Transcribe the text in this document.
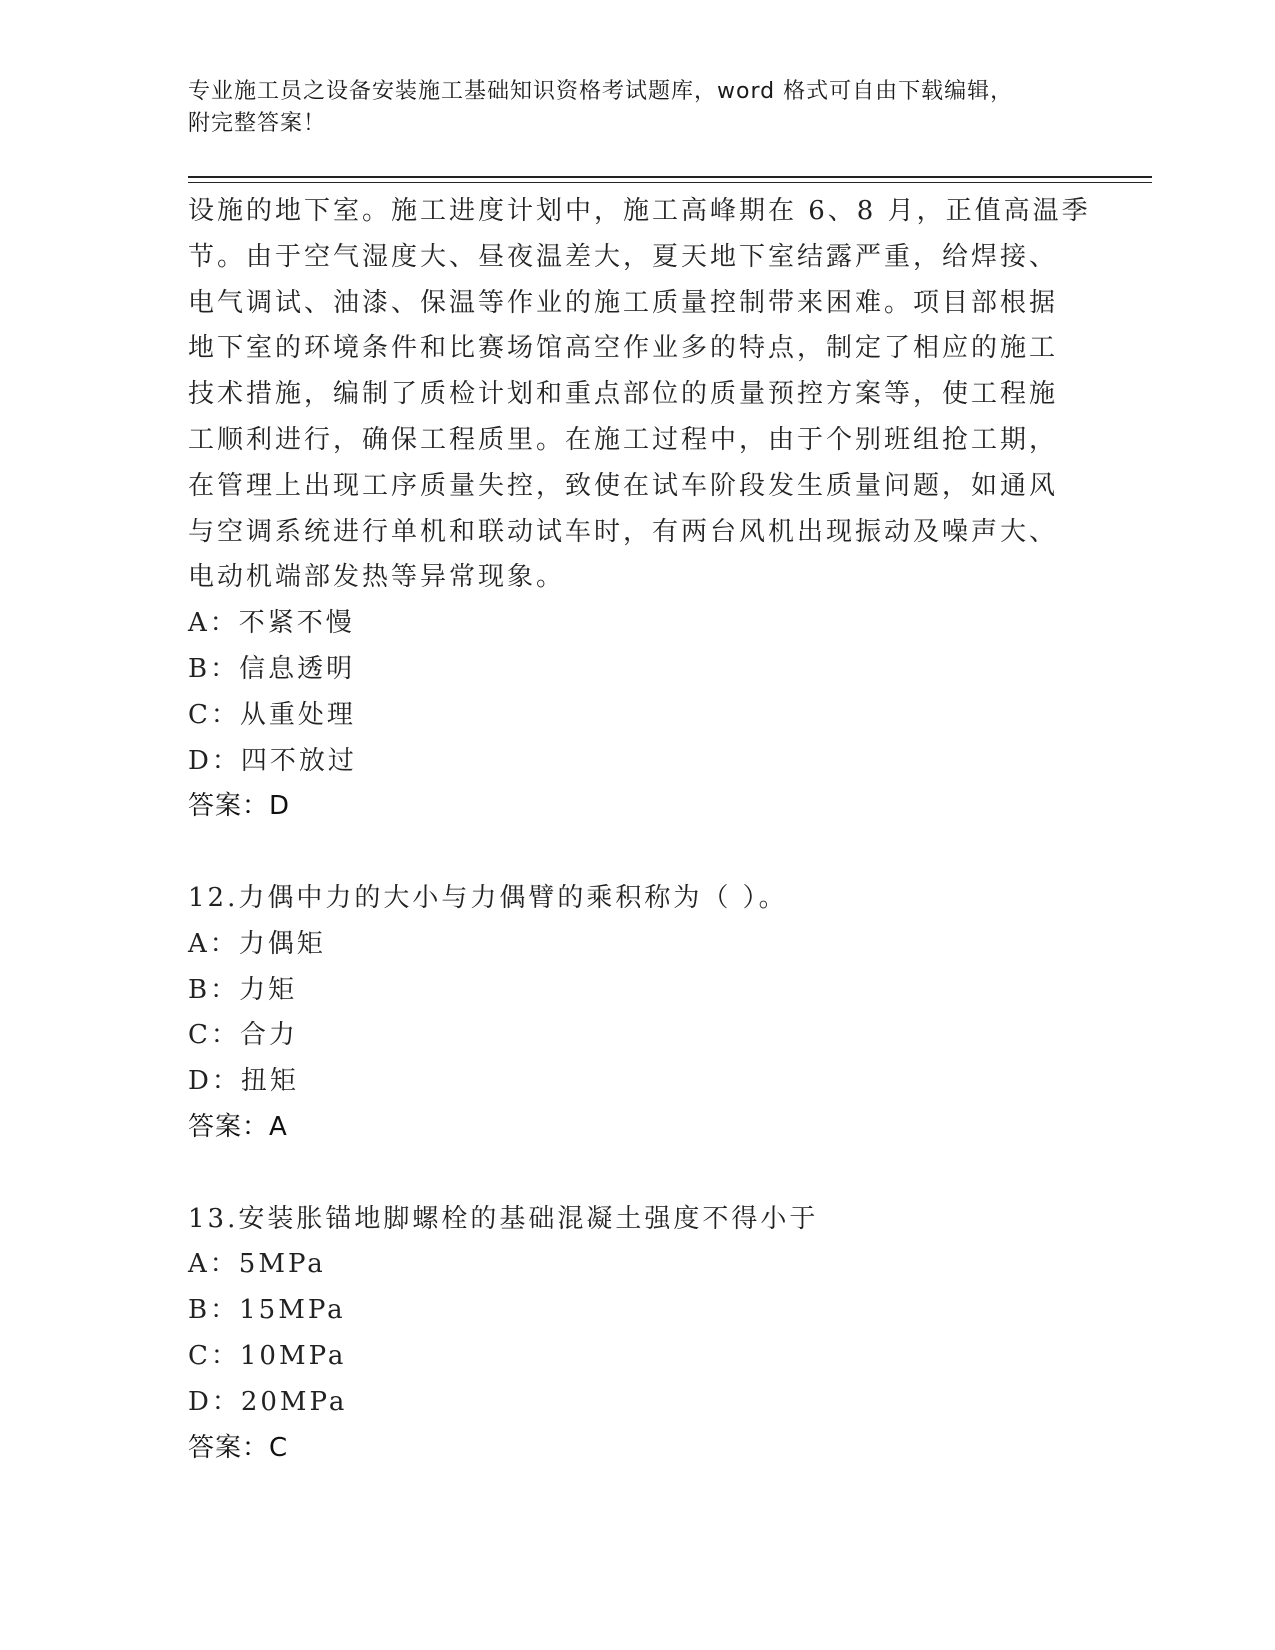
专业施工员之设备安装施工基础知识资格考试题库，word 格式可自由下载编辑，
附完整答案！
设施的地下室。施工进度计划中，施工高峰期在 6、8 月，正值高温季
节。由于空气湿度大、昼夜温差大，夏天地下室结露严重，给焊接、
电气调试、油漆、保温等作业的施工质量控制带来困难。项目部根据
地下室的环境条件和比赛场馆高空作业多的特点，制定了相应的施工
技术措施，编制了质检计划和重点部位的质量预控方案等，使工程施
工顺利进行，确保工程质里。在施工过程中，由于个别班组抢工期，
在管理上出现工序质量失控，致使在试车阶段发生质量问题，如通风
与空调系统进行单机和联动试车时，有两台风机出现振动及噪声大、
电动机端部发热等异常现象。
A：不紧不慢
B：信息透明
C：从重处理
D：四不放过
答案：D
12.力偶中力的大小与力偶臂的乘积称为（ ）。
A：力偶矩
B：力矩
C：合力
D：扭矩
答案：A
13.安装胀锚地脚螺栓的基础混凝土强度不得小于
A：5MPa
B：15MPa
C：10MPa
D：20MPa
答案：C
